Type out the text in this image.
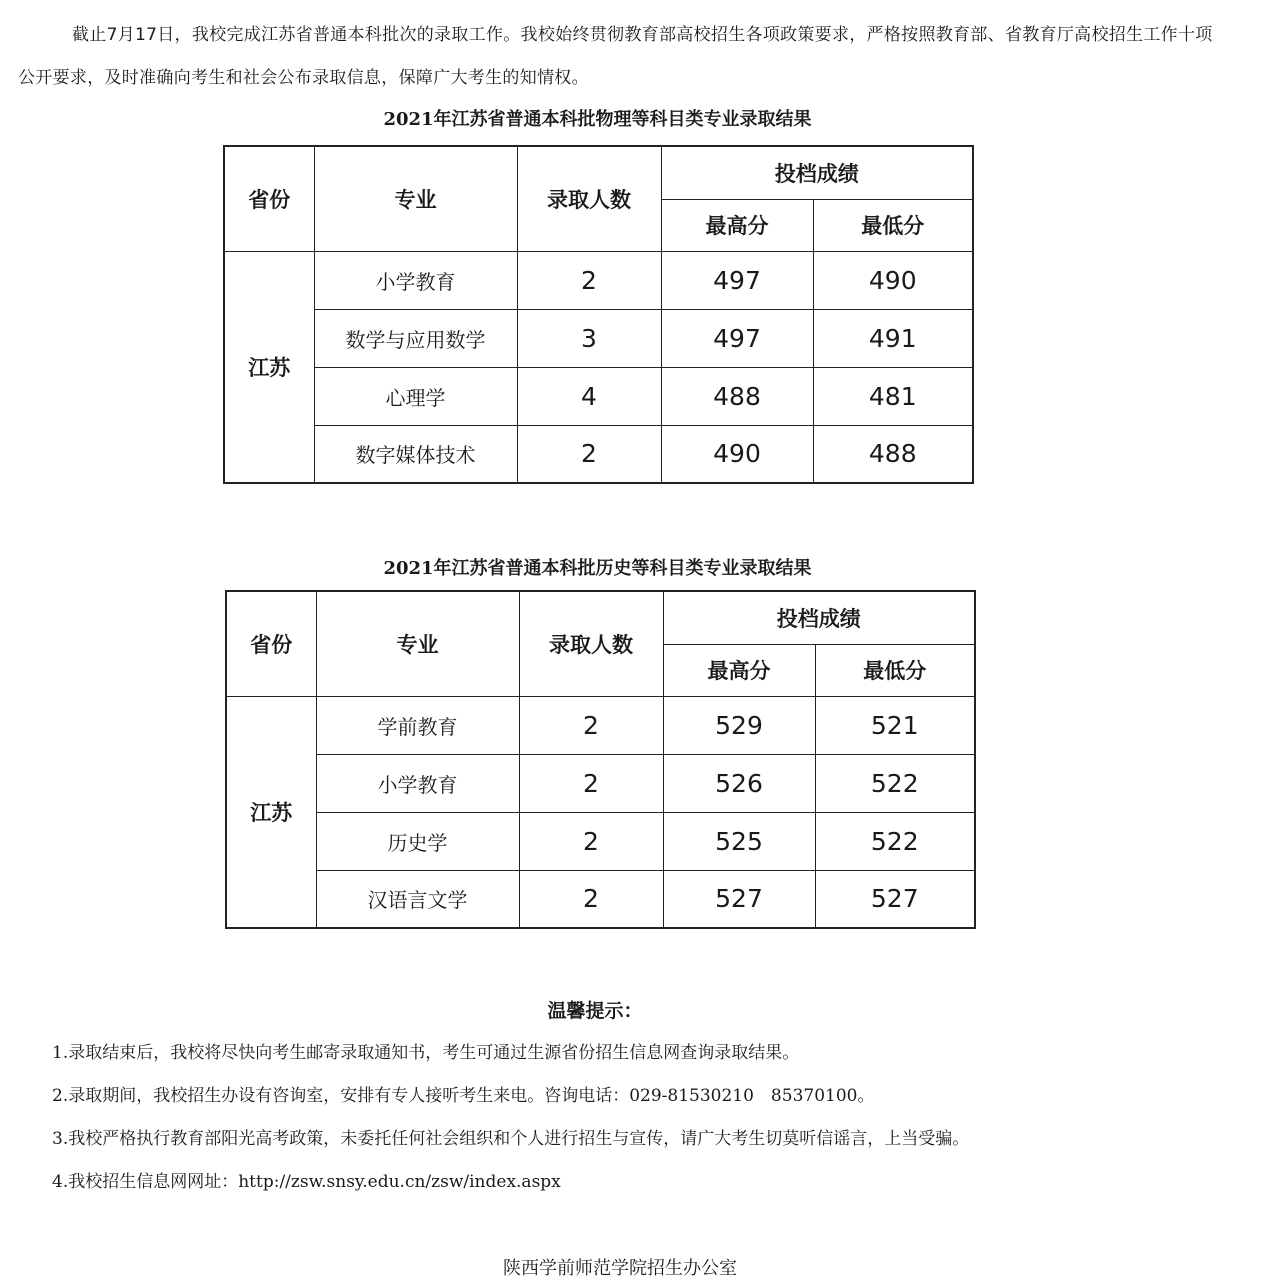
截止7月17日，我校完成江苏省普通本科批次的录取工作。我校始终贯彻教育部高校招生各项政策要求，严格按照教育部、省教育厅高校招生工作十项公开要求，及时准确向考生和社会公布录取信息，保障广大考生的知情权。

2021年江苏省普通本科批物理等科目类专业录取结果
省份	专业	录取人数	投档成绩	
			最高分	最低分
江苏	小学教育	2	497	490
	数学与应用数学	3	497	491
	心理学	4	488	481
	数字媒体技术	2	490	488
2021年江苏省普通本科批历史等科目类专业录取结果
省份	专业	录取人数	投档成绩	
			最高分	最低分
江苏	学前教育	2	529	521
	小学教育	2	526	522
	历史学	2	525	522
	汉语言文学	2	527	527
温馨提示：
1.录取结束后，我校将尽快向考生邮寄录取通知书，考生可通过生源省份招生信息网查询录取结果。
2.录取期间，我校招生办设有咨询室，安排有专人接听考生来电。咨询电话：029-81530210　85370100。
3.我校严格执行教育部阳光高考政策，未委托任何社会组织和个人进行招生与宣传，请广大考生切莫听信谣言，上当受骗。
4.我校招生信息网网址：http://zsw.snsy.edu.cn/zsw/index.aspx

陕西学前师范学院招生办公室
